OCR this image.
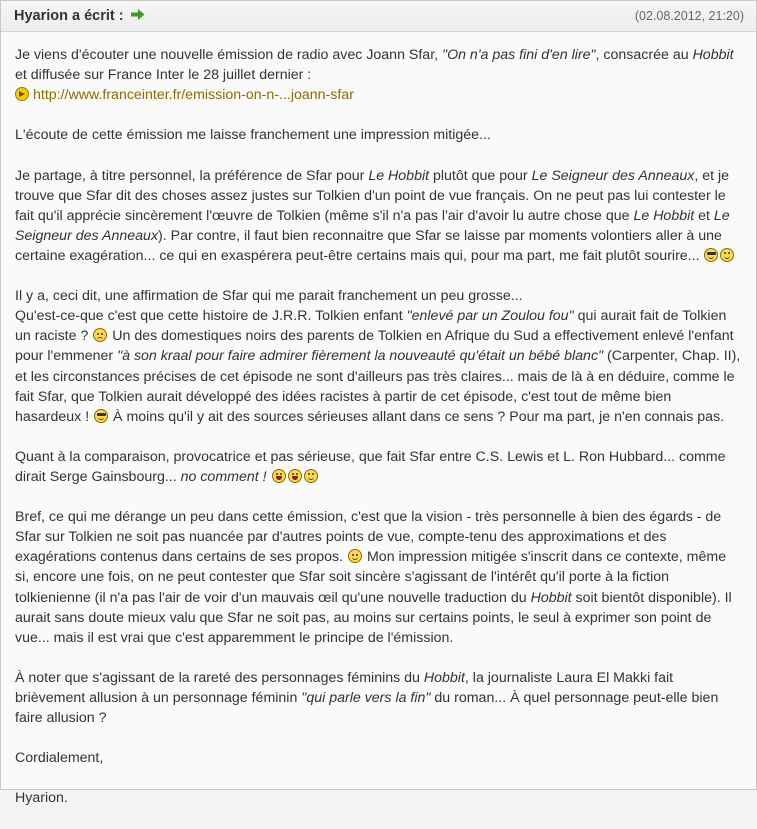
Hyarion a écrit :	(02.08.2012, 21:20)

Je viens d'écouter une nouvelle émission de radio avec Joann Sfar, "On n'a pas fini d'en lire", consacrée au Hobbit et diffusée sur France Inter le 28 juillet dernier :
http://www.franceinter.fr/emission-on-n-...joann-sfar

L'écoute de cette émission me laisse franchement une impression mitigée...

Je partage, à titre personnel, la préférence de Sfar pour Le Hobbit plutôt que pour Le Seigneur des Anneaux, et je trouve que Sfar dit des choses assez justes sur Tolkien d'un point de vue français. On ne peut pas lui contester le fait qu'il apprécie sincèrement l'œuvre de Tolkien (même s'il n'a pas l'air d'avoir lu autre chose que Le Hobbit et Le Seigneur des Anneaux). Par contre, il faut bien reconnaitre que Sfar se laisse par moments volontiers aller à une certaine exagération... ce qui en exaspérera peut-être certains mais qui, pour ma part, me fait plutôt sourire...

Il y a, ceci dit, une affirmation de Sfar qui me parait franchement un peu grosse...
Qu'est-ce-que c'est que cette histoire de J.R.R. Tolkien enfant "enlevé par un Zoulou fou" qui aurait fait de Tolkien un raciste ?  Un des domestiques noirs des parents de Tolkien en Afrique du Sud a effectivement enlevé l'enfant pour l'emmener "à son kraal pour faire admirer fièrement la nouveauté qu'était un bébé blanc" (Carpenter, Chap. II), et les circonstances précises de cet épisode ne sont d'ailleurs pas très claires... mais de là à en déduire, comme le fait Sfar, que Tolkien aurait développé des idées racistes à partir de cet épisode, c'est tout de même bien hasardeux !  À moins qu'il y ait des sources sérieuses allant dans ce sens ? Pour ma part, je n'en connais pas.

Quant à la comparaison, provocatrice et pas sérieuse, que fait Sfar entre C.S. Lewis et L. Ron Hubbard... comme dirait Serge Gainsbourg... no comment !

Bref, ce qui me dérange un peu dans cette émission, c'est que la vision - très personnelle à bien des égards - de Sfar sur Tolkien ne soit pas nuancée par d'autres points de vue, compte-tenu des approximations et des exagérations contenus dans certains de ses propos.  Mon impression mitigée s'inscrit dans ce contexte, même si, encore une fois, on ne peut contester que Sfar soit sincère s'agissant de l'intérêt qu'il porte à la fiction tolkienienne (il n'a pas l'air de voir d'un mauvais œil qu'une nouvelle traduction du Hobbit soit bientôt disponible). Il aurait sans doute mieux valu que Sfar ne soit pas, au moins sur certains points, le seul à exprimer son point de vue... mais il est vrai que c'est apparemment le principe de l'émission.

À noter que s'agissant de la rareté des personnages féminins du Hobbit, la journaliste Laura El Makki fait brièvement allusion à un personnage féminin "qui parle vers la fin" du roman... À quel personnage peut-elle bien faire allusion ?

Cordialement,

Hyarion.
